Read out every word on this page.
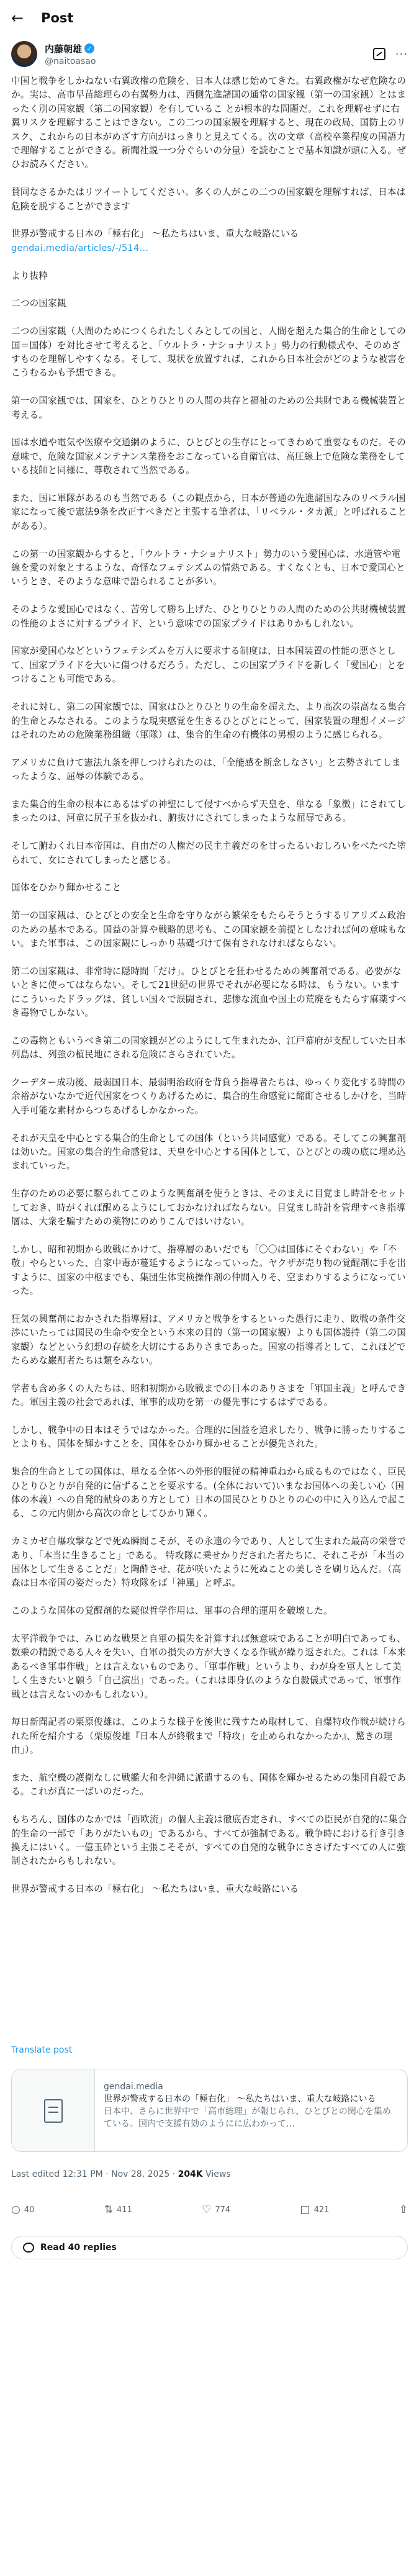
← Post
内藤朝雄 ✓
@naitoasao
···

中国と戦争をしかねない右翼政権の危険を、日本人は感じ始めてきた。右翼政権がなぜ危険なのか。実は、高市早苗総理らの右翼勢力は、西側先進諸国の通常の国家観（第一の国家観）とはまったく別の国家観（第二の国家観）を有しているこ とが根本的な問題だ。これを理解せずに右翼リスクを理解することはできない。この二つの国家観を理解すると、現在の政局、国防上のリスク、これからの日本がめざす方向がはっきりと見えてくる。次の文章（高校卒業程度の国語力で理解することができる。新聞社説一つ分ぐらいの分量）を読むことで基本知識が頭に入る。ぜひお読みください。

賛同なさるかたはリツイートしてください。多くの人がこの二つの国家観を理解すれば、日本は危険を脱することができます

世界が警戒する日本の「極右化」 ～私たちはいま、重大な岐路にいる

gendai.media/articles/-/514…

より抜粋

二つの国家観

二つの国家観（人間のためにつくられたしくみとしての国と、人間を超えた集合的生命としての国＝国体）を対比させて考えると、「ウルトラ・ナショナリスト」勢力の行動様式や、そのめざすものを理解しやすくなる。そして、現状を放置すれば、これから日本社会がどのような被害をこうむるかも予想できる。

第一の国家観では、国家を、ひとりひとりの人間の共存と福祉のための公共財である機械装置と考える。

国は水道や電気や医療や交通網のように、ひとびとの生存にとってきわめて重要なものだ。その意味で、危険な国家メンテナンス業務をおこなっている自衛官は、高圧線上で危険な業務をしている技師と同様に、尊敬されて当然である。

また、国に軍隊があるのも当然である（この観点から、日本が普通の先進諸国なみのリベラル国家になって後で憲法9条を改正すべきだと主張する筆者は、「リベラル・タカ派」と呼ばれることがある）。

この第一の国家観からすると、「ウルトラ・ナショナリスト」勢力のいう愛国心は、水道管や電線を愛の対象とするような、奇怪なフェテシズムの情熱である。すくなくとも、日本で愛国心というとき、そのような意味で語られることが多い。

そのような愛国心ではなく、苦労して勝ち上げた、ひとりひとりの人間のための公共財機械装置の性能のよさに対するプライド、という意味での国家プライドはありかもしれない。

国家が愛国心などというフェテシズムを万人に要求する制度は、日本国装置の性能の悪さとして、国家プライドを大いに傷つけるだろう。ただし、この国家プライドを新しく「愛国心」とをつけることも可能である。

それに対し、第二の国家観では、国家はひとりひとりの生命を超えた、より高次の崇高なる集合的生命とみなされる。このような現実感覚を生きるひとびとにとって、国家装置の理想イメージはそれのための危険業務組織（軍隊）は、集合的生命の有機体の男根のように感じられる。

アメリカに負けて憲法九条を押しつけられたのは、「全能感を断念しなさい」と去勢されてしまったような、屈辱の体験である。

また集合的生命の根本にあるはずの神聖にして侵すべからず天皇を、単なる「象徴」にされてしまったのは、河童に尻子玉を抜かれ、腑抜けにされてしまったような屈辱である。

そして腑わくれ日本帝国は、自由だの人権だの民主主義だのを甘ったるいおしろいをべたべた塗られて、女にされてしまったと感じる。

国体をひかり輝かせること

第一の国家観は、ひとびとの安全と生命を守りながら繁栄をもたらそうとうするリアリズム政治のための基本である。国益の計算や戦略的思考も、この国家観を前提としなければ何の意味もない。また軍事は、この国家観にしっかり基礎づけて保有されなければならない。

第二の国家観は、非常時に隠時間「だけ」。ひとびとを狂わせるための興奮剤である。必要がないときに使ってはならない。そして21世紀の世界でそれが必要になる時は、もうない。いますにこういったドラッグは、貧しい国々で誤闘され、悲惨な流血や国土の荒廃をもたらす麻薬すべき毒物でしかない。

この毒物ともいうべき第二の国家観がどのようにして生まれたか、江戸幕府が支配していた日本列島は、列強の植民地にされる危険にさらされていた。

クーデター成功後、最弱国日本、最弱明治政府を背負う指導者たちは、ゆっくり変化する時間の余裕がないなかで近代国家をつくりあげるために、集合的生命感覚に酩酊させるしかけを、当時入手可能な素材からつちあげるしかなかった。

それが天皇を中心とする集合的生命としての国体（という共同感覚）である。そしてこの興奮剤は効いた。国家の集合的生命感覚は、天皇を中心とする国体として、ひとびとの魂の底に埋め込まれていった。

生存のための必要に駆られてこのような興奮剤を使うときは、そのまえに目覚まし時計をセットしておき、時がくれば醒めるようにしておかなければならない。目覚まし時計を管理すべき指導層は、大衆を騙すための薬物にのめりこんではいけない。

しかし、昭和初期から敗戦にかけて、指導層のあいだでも「〇〇は国体にそぐわない」や「不敬」やらといった、自家中毒が蔓延するようになっていった。ヤクザが売り物の覚醒剤に手を出すように、国家の中枢までも、集団生体実検操作剤の仲間入りそ、空まわりするようになっていった。

狂気の興奮剤におかされた指導層は、アメリカと戦争をするといった愚行に走り、敗戦の条件交渉にいたっては国民の生命や安全という本来の目的（第一の国家観）よりも国体護持（第二の国家観）などという幻想の存続を大切にするありさまであった。国家の指導者として、これほどでたらめな巌酊者たちは類をみない。

学者も含め多くの人たちは、昭和初期から敗戦までの日本のありさまを「軍国主義」と呼んできた。軍国主義の社会であれば、軍事的成功を第一の優先事にするはずである。

しかし、戦争中の日本はそうではなかった。合理的に国益を追求したり、戦争に勝ったりすることよりも、国体を輝かすことを、国体をひかり輝かせることが優先された。

集合的生命としての国体は、単なる全体への外形的服従の精神重ねから成るものではなく、臣民ひとりひとりが自発的に信ずることを要求する。(全体において)いまなお国体への美しい心（国体の本義）への自発的献身のあり方として）日本の国民ひとりひとりの心の中に入り込んで起こる、この元内側から高次の命としてひかり輝く。

カミカゼ自爆攻撃などで死ぬ瞬間こそが、その永遠の今であり、人として生まれた最高の栄誉であり、「本当に生きること」である。 特攻隊に乗せかりだされた者たちに、それこそが「本当の国体として生きることだ」と陶酔させ、花が咲いたように死ぬことの美しさを刷り込んだ。（高森は日本帝国の姿だった）特攻隊をば「神風」と呼ぶ。

このような国体の覚醒剤的な疑似哲学作用は、軍事の合理的運用を破壊した。

太平洋戦争では、みじめな戦果と自軍の損失を計算すれば無意味であることが明白であっても、数乗の精鋭である人々を失い、自軍の損失の方が大きくなる作戦が繰り返された。これは「本来あるべき軍事作戦」とは言えないものであり、「軍事作戦」というより、わが身を軍人として美しく生きたいと願う「自己演出」であった。（これは即身仏のような自殺儀式であって、軍事作戦とは言えないのかもしれない）。

毎日新聞記者の栗原俊雄は、このような様子を後世に残すため取材して、自爆特攻作戦が続けられた所を紹介する（栗原俊雄『日本人が終戦まで「特攻」を止められなかったか』、驚きの理由」）。

また、航空機の護衛なしに戦艦大和を沖縄に派遣するのも、国体を輝かせるための集団自殺である。これが真に一ばいのだった。

もちろん、国体のなかでは「西欧流」の個人主義は徹底否定され、すべての臣民が自発的に集合的生命の一部で「ありがたいもの」であるから、すべてが強制である。戦争時における行き引き換えにはいく。一億玉砕という主張こそそが、すべての自発的な戦争にささげたすべての人に強制されたからもしれない。

世界が警戒する日本の「極右化」 ～私たちはいま、重大な岐路にいる

Translate post
gendai.media
世界が警戒する日本の「極右化」 ～私たちはいま、重大な岐路にいる
日本中、さらに世界中で「高市総理」が報じられ、ひとびとの関心を集めている。国内で支援有効のようにに広わかって…
Last edited 12:31 PM · Nov 28, 2025 · 204K Views
○ 40	⇅ 411	♡ 774	□ 421	⇧
Read 40 replies
